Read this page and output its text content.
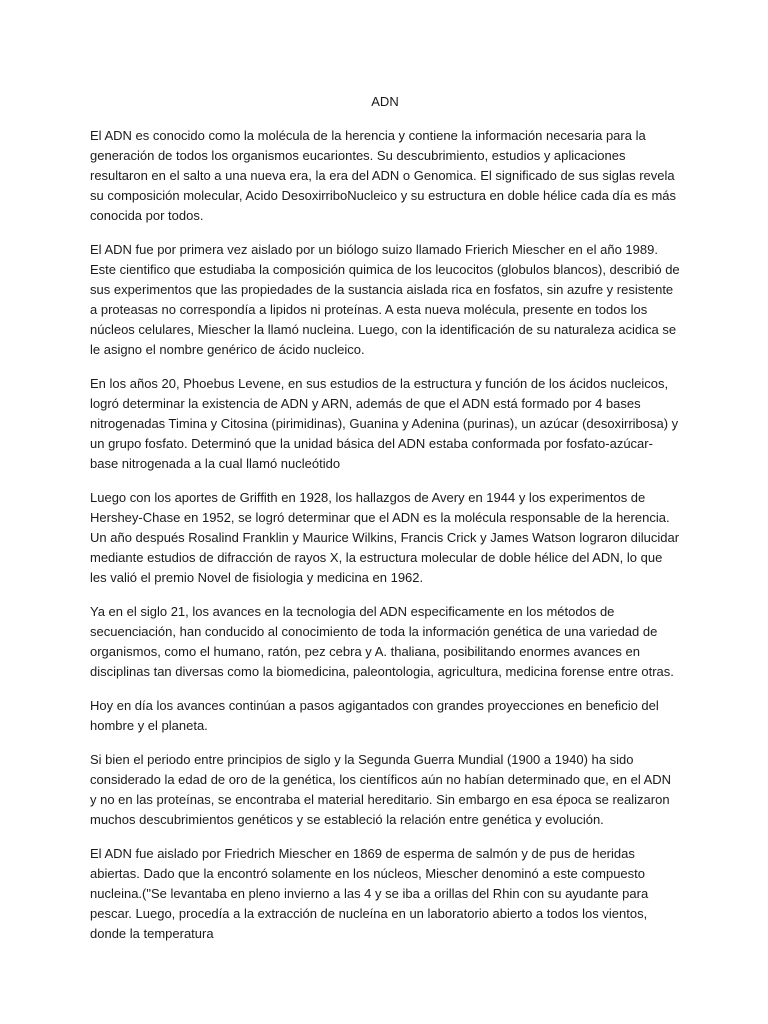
ADN

El ADN es conocido como la molécula de la herencia y contiene la información necesaria para la generación de todos los organismos eucariontes. Su descubrimiento, estudios y aplicaciones resultaron en el salto a una nueva era, la era del ADN o Genomica. El significado de sus siglas revela su composición molecular, Acido DesoxirriboNucleico y su estructura en doble hélice cada día es más conocida por todos.

El ADN fue por primera vez aislado por un biólogo suizo llamado Frierich Miescher en el año 1989. Este cientifico que estudiaba la composición quimica de los leucocitos (globulos blancos), describió de sus experimentos que las propiedades de la sustancia aislada rica en fosfatos, sin azufre y resistente a proteasas no correspondía a lipidos ni proteínas. A esta nueva molécula, presente en todos los núcleos celulares, Miescher la llamó nucleina. Luego, con la identificación de su naturaleza acidica se le asigno el nombre genérico de ácido nucleico.

En los años 20, Phoebus Levene, en sus estudios de la estructura y función de los ácidos nucleicos, logró determinar la existencia de ADN y ARN, además de que el ADN está formado por 4 bases nitrogenadas Timina y Citosina (pirimidinas), Guanina y Adenina (purinas), un azúcar (desoxirribosa) y un grupo fosfato. Determinó que la unidad básica del ADN estaba conformada por fosfato-azúcar-base nitrogenada a la cual llamó nucleótido

Luego con los aportes de Griffith en 1928, los hallazgos de Avery en 1944 y los experimentos de Hershey-Chase en 1952, se logró determinar que el ADN es la molécula responsable de la herencia. Un año después Rosalind Franklin y Maurice Wilkins, Francis Crick y James Watson lograron dilucidar mediante estudios de difracción de rayos X, la estructura molecular de doble hélice del ADN, lo que les valió el premio Novel de fisiologia y medicina en 1962.

Ya en el siglo 21, los avances en la tecnologia del ADN especificamente en los métodos de secuenciación, han conducido al conocimiento de toda la información genética de una variedad de organismos, como el humano, ratón, pez cebra y A. thaliana, posibilitando enormes avances en disciplinas tan diversas como la biomedicina, paleontologia, agricultura, medicina forense entre otras.

Hoy en día los avances continúan a pasos agigantados con grandes proyecciones en beneficio del hombre y el planeta.

Si bien el periodo entre principios de siglo y la Segunda Guerra Mundial (1900 a 1940) ha sido considerado la edad de oro de la genética, los científicos aún no habían determinado que, en el ADN y no en las proteínas, se encontraba el material hereditario. Sin embargo en esa época se realizaron muchos descubrimientos genéticos y se estableció la relación entre genética y evolución.

El ADN fue aislado por Friedrich Miescher en 1869 de esperma de salmón y de pus de heridas abiertas. Dado que la encontró solamente en los núcleos, Miescher denominó a este compuesto nucleina.("Se levantaba en pleno invierno a las 4 y se iba a orillas del Rhin con su ayudante para pescar. Luego, procedía a la extracción de nucleína en un laboratorio abierto a todos los vientos, donde la temperatura
